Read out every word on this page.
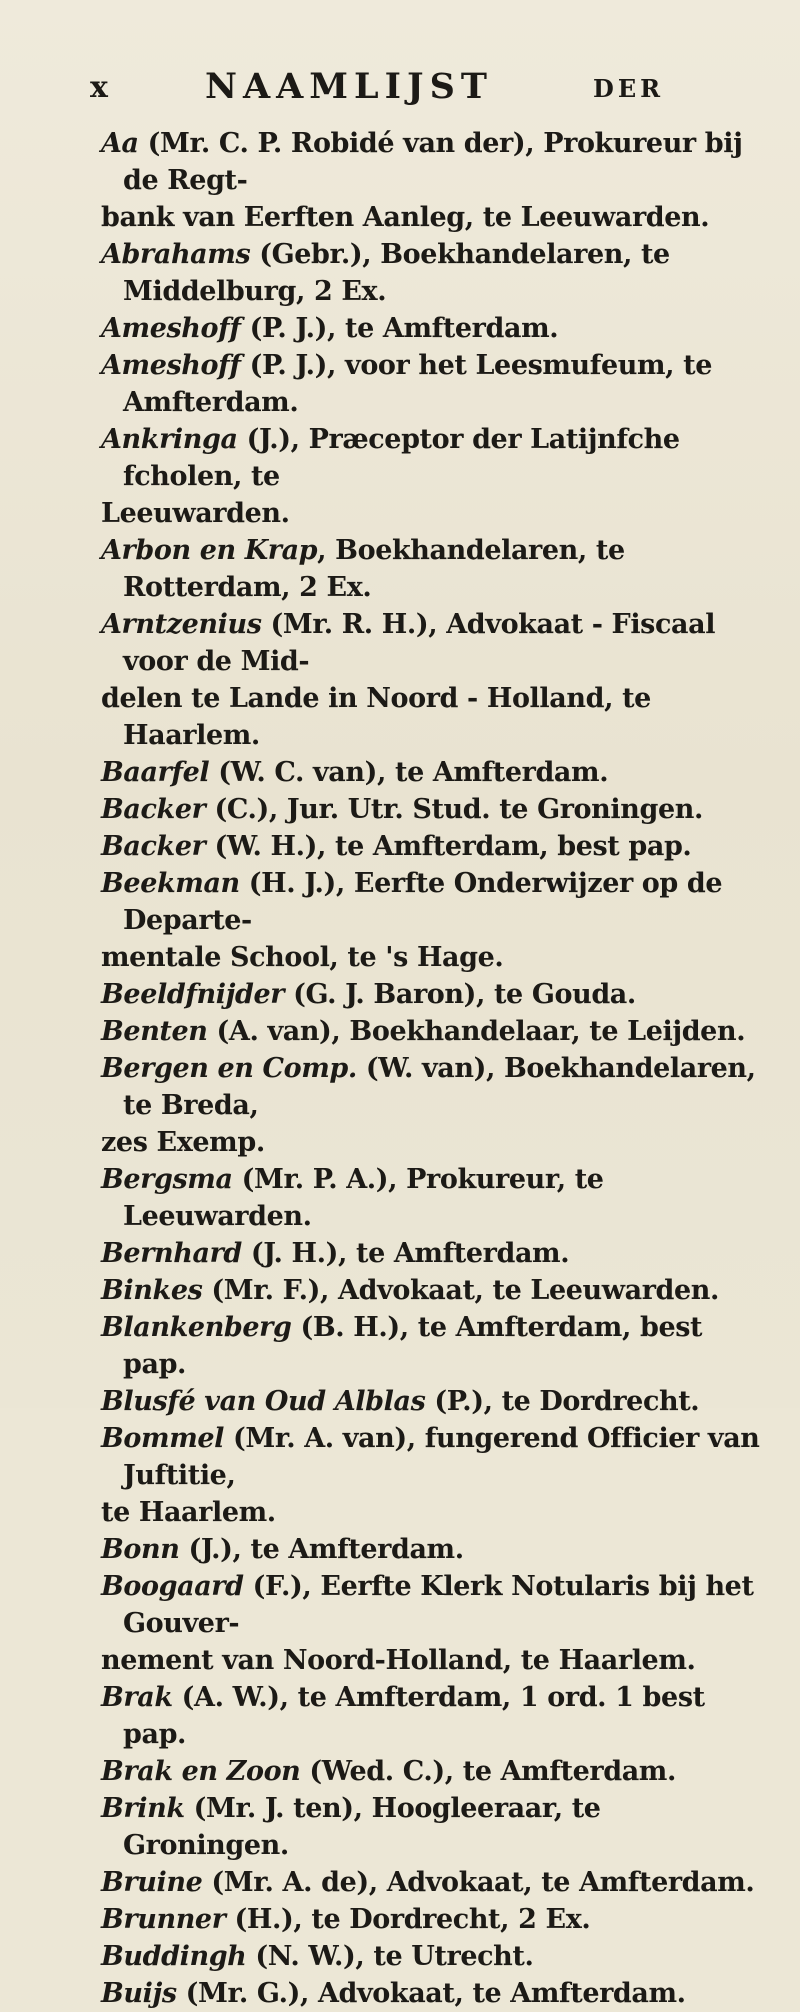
x	NAAMLIJST	DER
Aa (Mr. C. P. Robidé van der), Prokureur bij de Regt-
bank van Eerften Aanleg, te Leeuwarden.
Abrahams (Gebr.), Boekhandelaren, te Middelburg, 2 Ex.
Ameshoff (P. J.), te Amfterdam.
Ameshoff (P. J.), voor het Leesmufeum, te Amfterdam.
Ankringa (J.), Præceptor der Latijnfche fcholen, te
Leeuwarden.
Arbon en Krap, Boekhandelaren, te Rotterdam, 2 Ex.
Arntzenius (Mr. R. H.), Advokaat - Fiscaal voor de Mid-
delen te Lande in Noord - Holland, te Haarlem.
Baarfel (W. C. van), te Amfterdam.
Backer (C.), Jur. Utr. Stud. te Groningen.
Backer (W. H.), te Amfterdam, best pap.
Beekman (H. J.), Eerfte Onderwijzer op de Departe-
mentale School, te 's Hage.
Beeldfnijder (G. J. Baron), te Gouda.
Benten (A. van), Boekhandelaar, te Leijden.
Bergen en Comp. (W. van), Boekhandelaren, te Breda,
zes Exemp.
Bergsma (Mr. P. A.), Prokureur, te Leeuwarden.
Bernhard (J. H.), te Amfterdam.
Binkes (Mr. F.), Advokaat, te Leeuwarden.
Blankenberg (B. H.), te Amfterdam, best pap.
Blusfé van Oud Alblas (P.), te Dordrecht.
Bommel (Mr. A. van), fungerend Officier van Juftitie,
te Haarlem.
Bonn (J.), te Amfterdam.
Boogaard (F.), Eerfte Klerk Notularis bij het Gouver-
nement van Noord-Holland, te Haarlem.
Brak (A. W.), te Amfterdam, 1 ord. 1 best pap.
Brak en Zoon (Wed. C.), te Amfterdam.
Brink (Mr. J. ten), Hoogleeraar, te Groningen.
Bruine (Mr. A. de), Advokaat, te Amfterdam.
Brunner (H.), te Dordrecht, 2 Ex.
Buddingh (N. W.), te Utrecht.
Buijs (Mr. G.), Advokaat, te Amfterdam.
